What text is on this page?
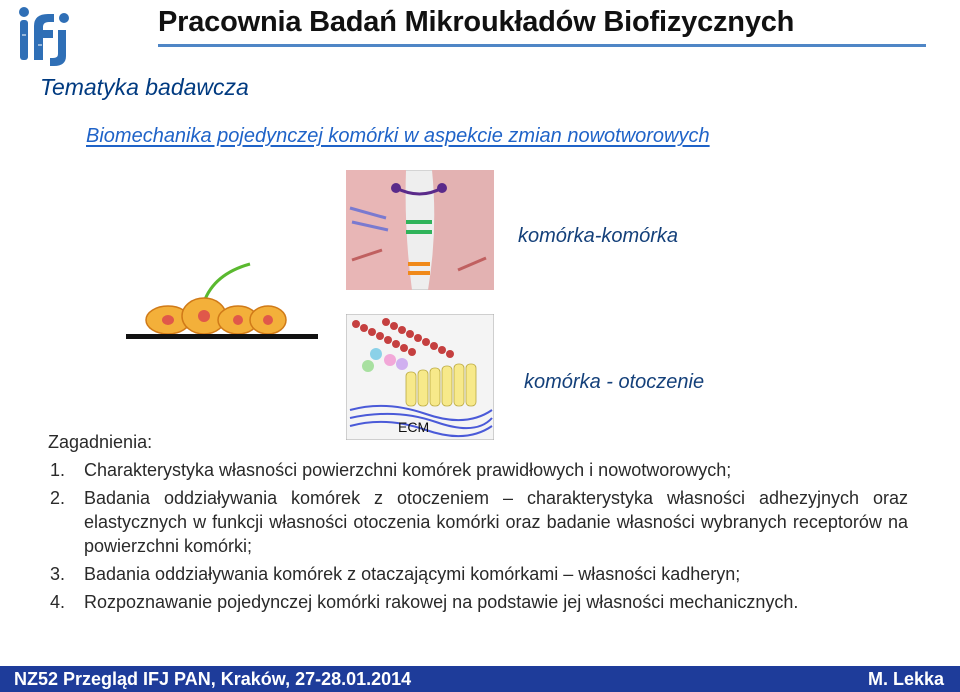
Pracownia Badań Mikroukładów Biofizycznych
Tematyka badawcza
Biomechanika pojedynczej komórki w aspekcie zmian nowotworowych
komórka-komórka
ECM
komórka - otoczenie
Zagadnienia:
1.	Charakterystyka własności powierzchni komórek prawidłowych i nowotworowych;
2.	Badania oddziaływania komórek z otoczeniem – charakterystyka własności adhezyjnych oraz elastycznych w funkcji własności otoczenia komórki oraz badanie własności wybranych receptorów na powierzchni komórki;
3.	Badania oddziaływania komórek z otaczającymi komórkami – własności kadheryn;
4.	Rozpoznawanie pojedynczej komórki rakowej na podstawie jej własności mechanicznych.
NZ52 Przegląd IFJ PAN, Kraków, 27-28.01.2014	M. Lekka
